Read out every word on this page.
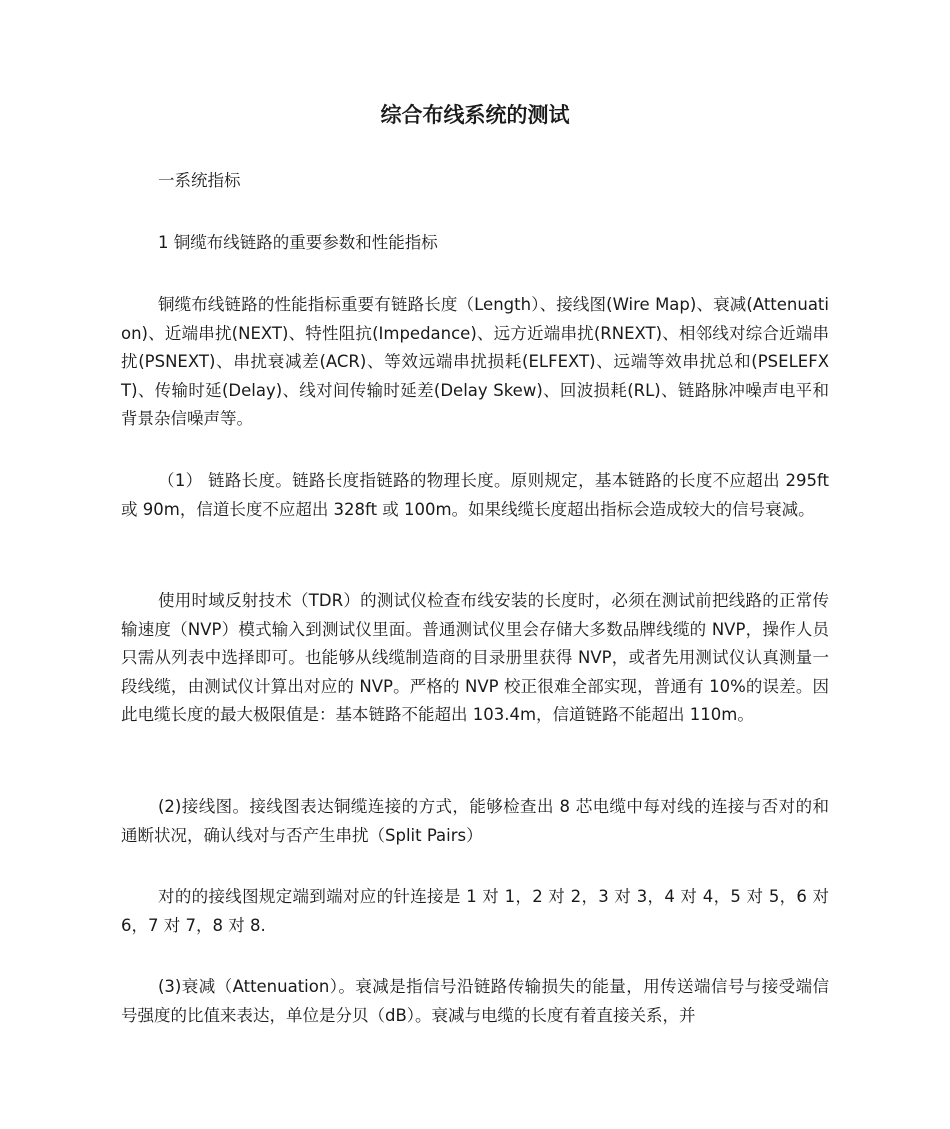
综合布线系统的测试

一系统指标

1 铜缆布线链路的重要参数和性能指标

铜缆布线链路的性能指标重要有链路长度（Length）、接线图(Wire Map)、衰减(Attenuation)、近端串扰(NEXT)、特性阻抗(Impedance)、远方近端串扰(RNEXT)、相邻线对综合近端串扰(PSNEXT)、串扰衰减差(ACR)、等效远端串扰损耗(ELFEXT)、远端等效串扰总和(PSELEFXT)、传输时延(Delay)、线对间传输时延差(Delay Skew)、回波损耗(RL)、链路脉冲噪声电平和背景杂信噪声等。

（1） 链路长度。链路长度指链路的物理长度。原则规定，基本链路的长度不应超出 295ft 或 90m，信道长度不应超出 328ft 或 100m。如果线缆长度超出指标会造成较大的信号衰减。

使用时域反射技术（TDR）的测试仪检查布线安装的长度时，必须在测试前把线路的正常传输速度（NVP）模式输入到测试仪里面。普通测试仪里会存储大多数品牌线缆的 NVP，操作人员只需从列表中选择即可。也能够从线缆制造商的目录册里获得 NVP，或者先用测试仪认真测量一段线缆，由测试仪计算出对应的 NVP。严格的 NVP 校正很难全部实现，普通有 10%的误差。因此电缆长度的最大极限值是：基本链路不能超出 103.4m，信道链路不能超出 110m。

(2)接线图。接线图表达铜缆连接的方式，能够检查出 8 芯电缆中每对线的连接与否对的和通断状况，确认线对与否产生串扰（Split Pairs）

对的的接线图规定端到端对应的针连接是 1 对 1，2 对 2，3 对 3，4 对 4，5 对 5，6 对 6，7 对 7，8 对 8.

(3)衰减（Attenuation）。衰减是指信号沿链路传输损失的能量，用传送端信号与接受端信号强度的比值来表达，单位是分贝（dB）。衰减与电缆的长度有着直接关系，并
